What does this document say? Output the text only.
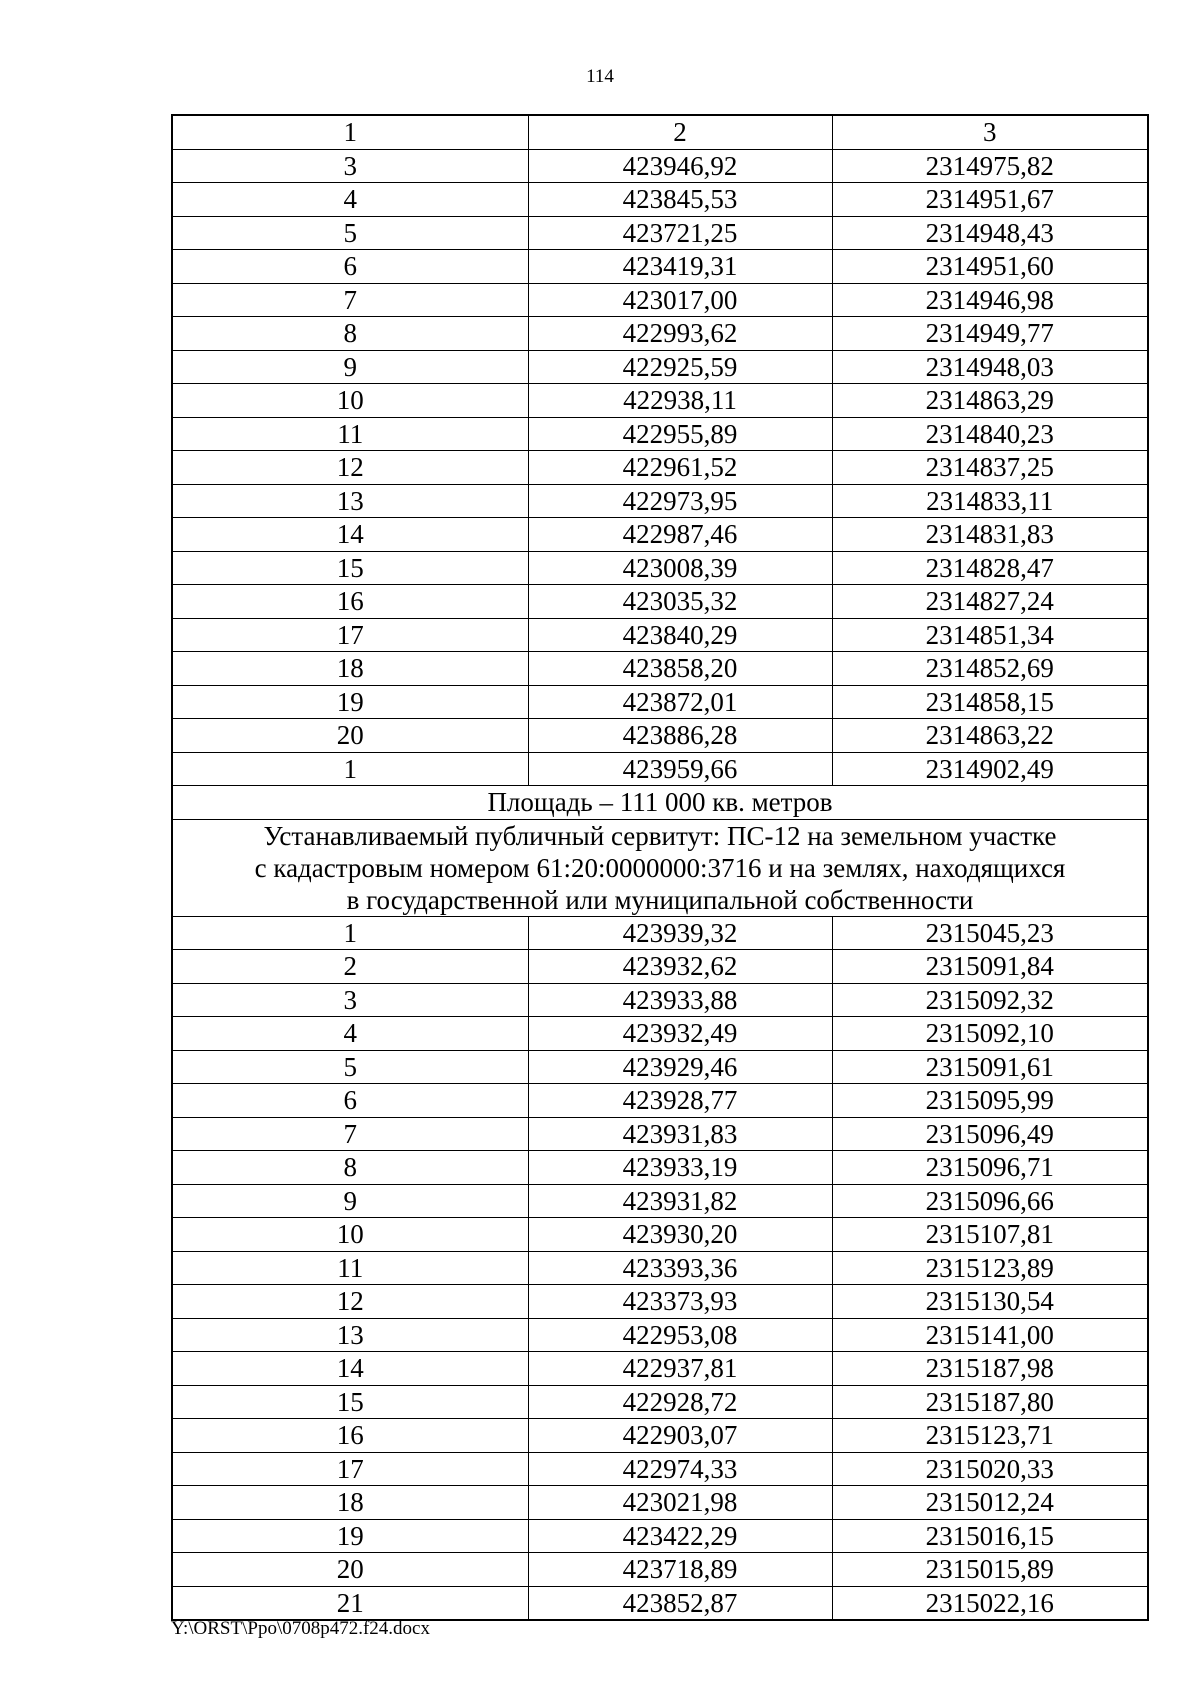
114
1	2	3
3	423946,92	2314975,82
4	423845,53	2314951,67
5	423721,25	2314948,43
6	423419,31	2314951,60
7	423017,00	2314946,98
8	422993,62	2314949,77
9	422925,59	2314948,03
10	422938,11	2314863,29
11	422955,89	2314840,23
12	422961,52	2314837,25
13	422973,95	2314833,11
14	422987,46	2314831,83
15	423008,39	2314828,47
16	423035,32	2314827,24
17	423840,29	2314851,34
18	423858,20	2314852,69
19	423872,01	2314858,15
20	423886,28	2314863,22
1	423959,66	2314902,49
Площадь – 111 000 кв. метров		

Устанавливаемый публичный сервитут: ПС-12 на земельном участке
с кадастровым номером 61:20:0000000:3716 и на землях, находящихся
в государственной или муниципальной собственности		

1	423939,32	2315045,23
2	423932,62	2315091,84
3	423933,88	2315092,32
4	423932,49	2315092,10
5	423929,46	2315091,61
6	423928,77	2315095,99
7	423931,83	2315096,49
8	423933,19	2315096,71
9	423931,82	2315096,66
10	423930,20	2315107,81
11	423393,36	2315123,89
12	423373,93	2315130,54
13	422953,08	2315141,00
14	422937,81	2315187,98
15	422928,72	2315187,80
16	422903,07	2315123,71
17	422974,33	2315020,33
18	423021,98	2315012,24
19	423422,29	2315016,15
20	423718,89	2315015,89
21	423852,87	2315022,16
Y:\ORST\Ppo\0708p472.f24.docx
